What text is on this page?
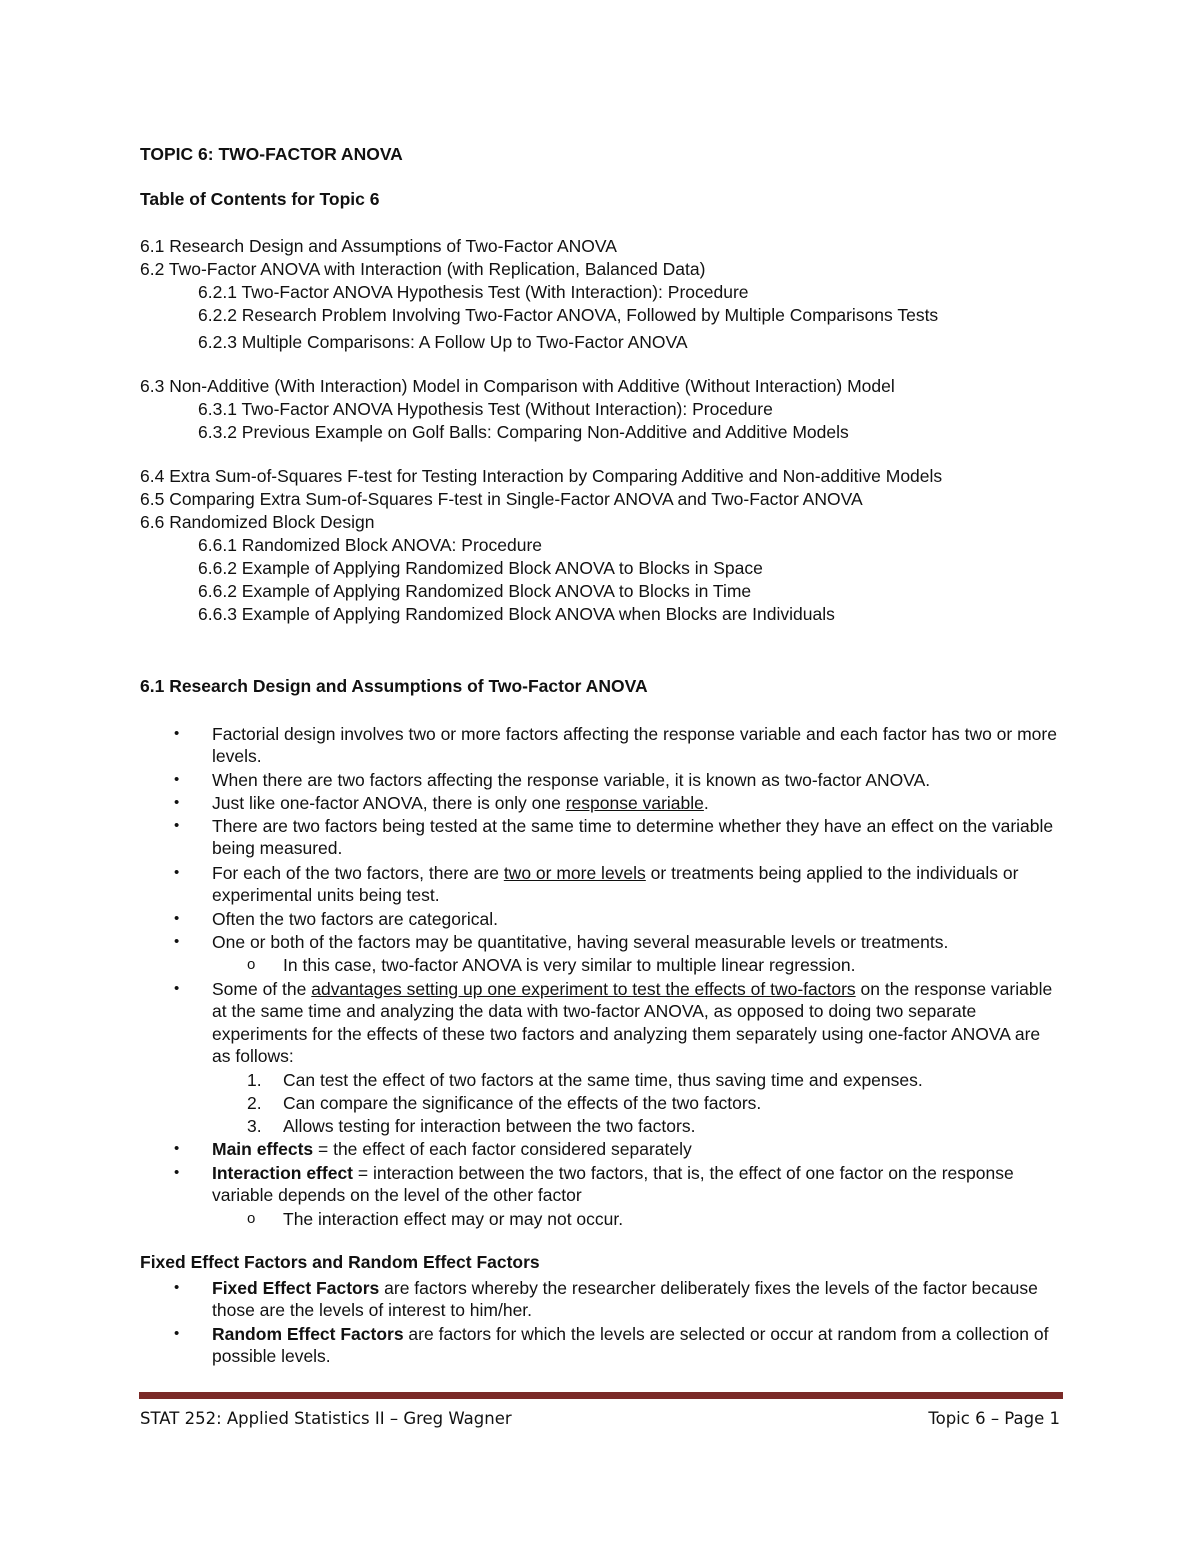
TOPIC 6: TWO-FACTOR ANOVA
Table of Contents for Topic 6
6.1 Research Design and Assumptions of Two-Factor ANOVA
6.2 Two-Factor ANOVA with Interaction (with Replication, Balanced Data)
6.2.1 Two-Factor ANOVA Hypothesis Test (With Interaction): Procedure
6.2.2 Research Problem Involving Two-Factor ANOVA, Followed by Multiple Comparisons Tests
6.2.3 Multiple Comparisons: A Follow Up to Two-Factor ANOVA
6.3 Non-Additive (With Interaction) Model in Comparison with Additive (Without Interaction) Model
6.3.1 Two-Factor ANOVA Hypothesis Test (Without Interaction): Procedure
6.3.2 Previous Example on Golf Balls: Comparing Non-Additive and Additive Models
6.4 Extra Sum-of-Squares F-test for Testing Interaction by Comparing Additive and Non-additive Models
6.5 Comparing Extra Sum-of-Squares F-test in Single-Factor ANOVA and Two-Factor ANOVA
6.6 Randomized Block Design
6.6.1 Randomized Block ANOVA: Procedure
6.6.2 Example of Applying Randomized Block ANOVA to Blocks in Space
6.6.2 Example of Applying Randomized Block ANOVA to Blocks in Time
6.6.3 Example of Applying Randomized Block ANOVA when Blocks are Individuals
6.1 Research Design and Assumptions of Two-Factor ANOVA
• Factorial design involves two or more factors affecting the response variable and each factor has two or more levels.
• When there are two factors affecting the response variable, it is known as two-factor ANOVA.
• Just like one-factor ANOVA, there is only one response variable.
• There are two factors being tested at the same time to determine whether they have an effect on the variable being measured.
• For each of the two factors, there are two or more levels or treatments being applied to the individuals or experimental units being test.
• Often the two factors are categorical.
• One or both of the factors may be quantitative, having several measurable levels or treatments.
o In this case, two-factor ANOVA is very similar to multiple linear regression.
• Some of the advantages setting up one experiment to test the effects of two-factors on the response variable at the same time and analyzing the data with two-factor ANOVA, as opposed to doing two separate experiments for the effects of these two factors and analyzing them separately using one-factor ANOVA are as follows:
1. Can test the effect of two factors at the same time, thus saving time and expenses.
2. Can compare the significance of the effects of the two factors.
3. Allows testing for interaction between the two factors.
• Main effects = the effect of each factor considered separately
• Interaction effect = interaction between the two factors, that is, the effect of one factor on the response variable depends on the level of the other factor
o The interaction effect may or may not occur.
Fixed Effect Factors and Random Effect Factors
• Fixed Effect Factors are factors whereby the researcher deliberately fixes the levels of the factor because those are the levels of interest to him/her.
• Random Effect Factors are factors for which the levels are selected or occur at random from a collection of possible levels.
STAT 252: Applied Statistics II – Greg Wagner	Topic 6 – Page 1
